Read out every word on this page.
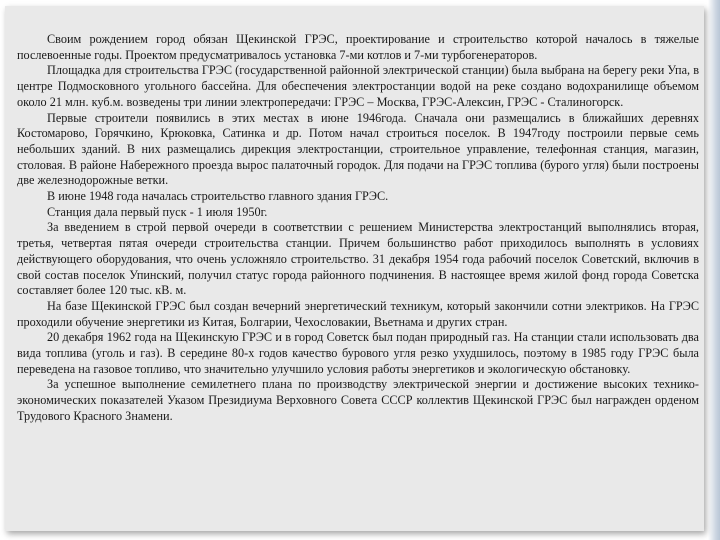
Своим рождением город обязан Щекинской ГРЭС, проектирование и строительство которой началось в тяжелые послевоенные годы. Проектом предусматривалось установка 7-ми котлов и 7-ми турбогенераторов.

Площадка для строительства ГРЭС (государственной районной электрической станции) была выбрана на берегу реки Упа, в центре Подмосковного угольного бассейна. Для обеспечения электростанции водой на реке создано водохранилище объемом около 21 млн. куб.м. возведены три линии электропередачи: ГРЭС – Москва, ГРЭС-Алексин, ГРЭС - Сталиногорск.

Первые строители появились в этих местах в июне 1946года. Сначала они размещались в ближайших деревнях Костомарово, Горячкино, Крюковка, Сатинка и др. Потом начал строиться поселок. В 1947году построили первые семь небольших зданий. В них размещались дирекция электростанции, строительное управление, телефонная станция, магазин, столовая. В районе Набережного проезда вырос палаточный городок. Для подачи на ГРЭС топлива (бурого угля) были построены две железнодорожные ветки.

В июне 1948 года началась строительство главного здания ГРЭС.

Станция дала первый пуск - 1 июля 1950г.

За введением в строй первой очереди в соответствии с решением Министерства электростанций выполнялись вторая, третья, четвертая пятая очереди строительства станции. Причем большинство работ приходилось выполнять в условиях действующего оборудования, что очень усложняло строительство. 31 декабря 1954 года рабочий поселок Советский, включив в свой состав поселок Упинский, получил статус города районного подчинения. В настоящее время жилой фонд города Советска составляет более 120 тыс. кВ. м.

На базе Щекинской ГРЭС был создан вечерний энергетический техникум, который закончили сотни электриков. На ГРЭС проходили обучение энергетики из Китая, Болгарии, Чехословакии, Вьетнама и других стран.

20 декабря 1962 года на Щекинскую ГРЭС и в город Советск был подан природный газ. На станции стали использовать два вида топлива (уголь и газ). В середине 80-х годов качество бурового угля резко ухудшилось, поэтому в 1985 году ГРЭС была переведена на газовое топливо, что значительно улучшило условия работы энергетиков и экологическую обстановку.

За успешное выполнение семилетнего плана по производству электрической энергии и достижение высоких технико-экономических показателей Указом Президиума Верховного Совета СССР коллектив Щекинской ГРЭС был награжден орденом Трудового Красного Знамени.
